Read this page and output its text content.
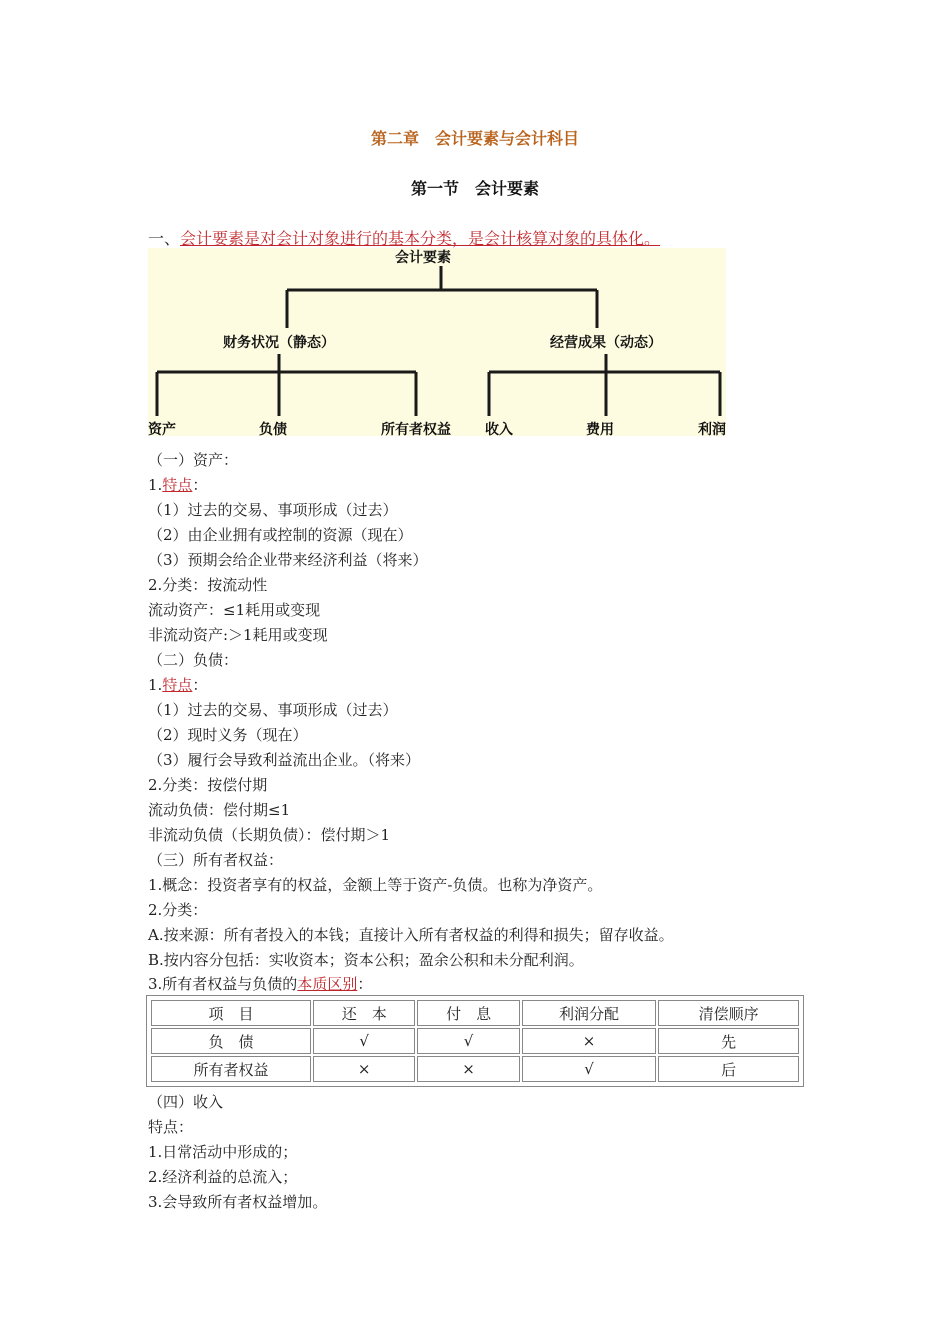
第二章　会计要素与会计科目
第一节　会计要素
一、会计要素是对会计对象进行的基本分类，是会计核算对象的具体化。
会计要素
财务状况（静态）	经营成果（动态）
资产	负债	所有者权益 收入	费用	利润
（一）资产：
1.特点：
（1）过去的交易、事项形成（过去）
（2）由企业拥有或控制的资源（现在）
（3）预期会给企业带来经济利益（将来）
2.分类：按流动性
流动资产：≤1耗用或变现
非流动资产:＞1耗用或变现
（二）负债：
1.特点：
（1）过去的交易、事项形成（过去）
（2）现时义务（现在）
（3）履行会导致利益流出企业。（将来）
2.分类：按偿付期
流动负债：偿付期≤1
非流动负债（长期负债）：偿付期＞1
（三）所有者权益：
1.概念：投资者享有的权益，金额上等于资产-负债。也称为净资产。
2.分类：
A.按来源：所有者投入的本钱；直接计入所有者权益的利得和损失；留存收益。
B.按内容分包括：实收资本；资本公积；盈余公积和未分配利润。
3.所有者权益与负债的本质区别：
项　目	还　本	付　息	利润分配	清偿顺序
负　债	√	√	×	先
所有者权益	×	×	√	后
（四）收入
特点：
1.日常活动中形成的；
2.经济利益的总流入；
3.会导致所有者权益增加。
